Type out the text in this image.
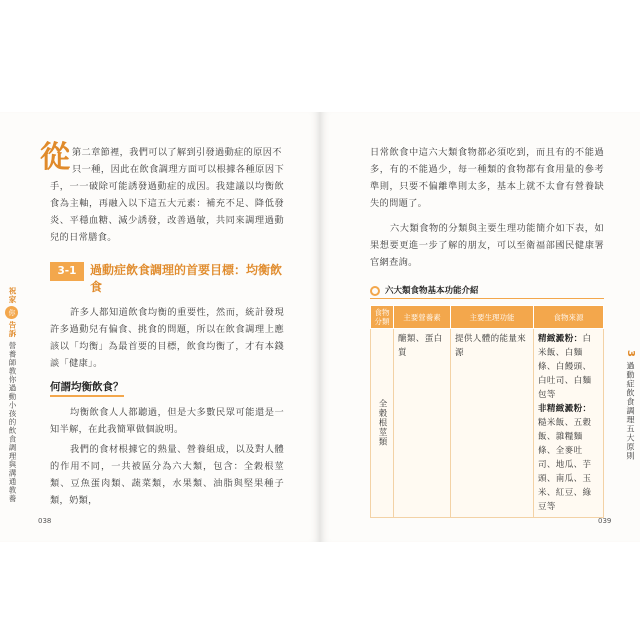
從 第二章節裡，我們可以了解到引發過動症的原因不
只一種，因此在飲食調理方面可以根據各種原因下手，一一破除可能誘發過動症的成因。我建議以均衡飲食為主軸，再融入以下這五大元素：補充不足、降低發炎、平穩血糖、減少誘發，改善過敏，共同來調理過動兒的日常膳食。
3-1	過動症飲食調理的首要目標：均衡飲食
許多人都知道飲食均衡的重要性，然而，統計發現許多過動兒有偏食、挑食的問題，所以在飲食調理上應該以「均衡」為最首要的目標，飲食均衡了，才有本錢談「健康」。
何謂均衡飲食？
均衡飲食人人都聽過，但是大多數民眾可能還是一知半解，在此我簡單做個說明。
我們的食材根據它的熱量、營養組成，以及對人體的作用不同，一共被區分為六大類，包含：全穀根莖類、豆魚蛋肉類、蔬菜類，水果類、油脂與堅果種子類，奶類，
038
祝家你告訴 營養師教你過動小孩的飲食調理與溝通教養
日常飲食中這六大類食物都必須吃到，而且有的不能過多，有的不能過少，每一種類的食物都有食用量的參考準則，只要不偏離準則太多，基本上就不太會有營養缺失的問題了。
六大類食物的分類與主要生理功能簡介如下表，如果想要更進一步了解的朋友，可以至衛福部國民健康署官網查詢。
六大類食物基本功能介紹
食物分類	主要營養素	主要生理功能	食物來源
全穀根莖類	醣類、蛋白質	提供人體的能量來源	精緻澱粉：白米飯、白麵條、白饅頭、白吐司、白麵包等
非精緻澱粉：糙米飯、五穀飯、雜糧麵條、全麥吐司、地瓜、芋頭、南瓜、玉米、紅豆、綠豆等
039
3 過動症飲食調理五大原則
